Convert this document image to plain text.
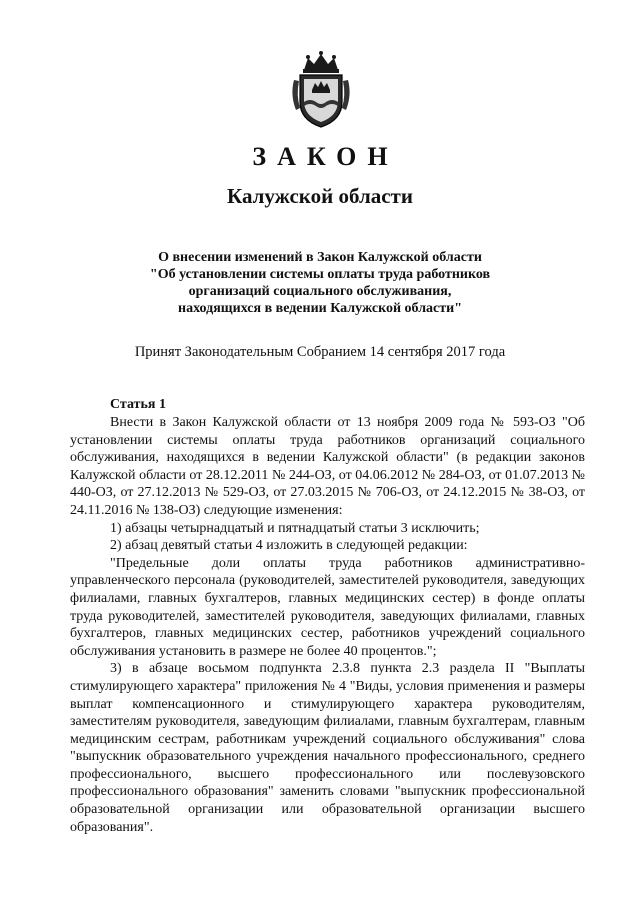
ЗАКОН
Калужской области
О внесении изменений в Закон Калужской области
"Об установлении системы оплаты труда работников
организаций социального обслуживания,
находящихся в ведении Калужской области"
Принят Законодательным Собранием 14 сентября 2017 года
Статья 1

Внести в Закон Калужской области от 13 ноября 2009 года № 593-ОЗ "Об установлении системы оплаты труда работников организаций социального обслуживания, находящихся в ведении Калужской области" (в редакции законов Калужской области от 28.12.2011 № 244-ОЗ, от 04.06.2012 № 284-ОЗ, от 01.07.2013 № 440-ОЗ, от 27.12.2013 № 529-ОЗ, от 27.03.2015 № 706-ОЗ, от 24.12.2015 № 38-ОЗ, от 24.11.2016 № 138-ОЗ) следующие изменения:

1) абзацы четырнадцатый и пятнадцатый статьи 3 исключить;

2) абзац девятый статьи 4 изложить в следующей редакции:

"Предельные доли оплаты труда работников административно-управленческого персонала (руководителей, заместителей руководителя, заведующих филиалами, главных бухгалтеров, главных медицинских сестер) в фонде оплаты труда руководителей, заместителей руководителя, заведующих филиалами, главных бухгалтеров, главных медицинских сестер, работников учреждений социального обслуживания установить в размере не более 40 процентов.";

3) в абзаце восьмом подпункта 2.3.8 пункта 2.3 раздела II "Выплаты стимулирующего характера" приложения № 4 "Виды, условия применения и размеры выплат компенсационного и стимулирующего характера руководителям, заместителям руководителя, заведующим филиалами, главным бухгалтерам, главным медицинским сестрам, работникам учреждений социального обслуживания" слова "выпускник образовательного учреждения начального профессионального, среднего профессионального, высшего профессионального или послевузовского профессионального образования" заменить словами "выпускник профессиональной образовательной организации или образовательной организации высшего образования".
